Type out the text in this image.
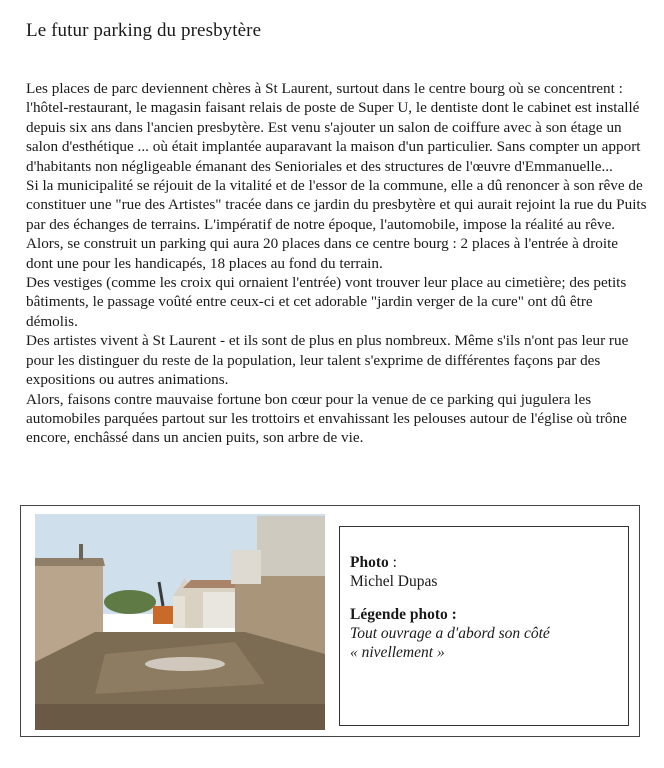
Le futur parking du presbytère

Les places de parc deviennent chères à St Laurent, surtout dans le centre bourg où se concentrent : l'hôtel-restaurant, le magasin faisant relais de poste de Super U, le dentiste dont le cabinet est installé depuis six ans dans l'ancien presbytère. Est venu s'ajouter un salon de coiffure avec à son étage un salon d'esthétique ... où était implantée auparavant la maison d'un particulier. Sans compter un apport d'habitants non négligeable émanant des Senioriales et des structures de l'œuvre d'Emmanuelle...

Si la municipalité se réjouit de la vitalité et de l'essor de la commune, elle a dû renoncer à son rêve de constituer une "rue des Artistes" tracée dans ce jardin du presbytère et qui aurait rejoint la rue du Puits par des échanges de terrains. L'impératif de notre époque, l'automobile, impose la réalité au rêve.

Alors, se construit un parking qui aura 20 places dans ce centre bourg : 2 places à l'entrée à droite dont une pour les handicapés, 18 places au fond du terrain.

Des vestiges (comme les croix qui ornaient l'entrée) vont trouver leur place au cimetière; des petits bâtiments, le passage voûté entre ceux-ci et cet adorable "jardin verger de la cure" ont dû être démolis.

Des artistes vivent à St Laurent - et ils sont de plus en plus nombreux. Même s'ils n'ont pas leur rue pour les distinguer du reste de la population, leur talent s'exprime de différentes façons par des expositions ou autres animations.

Alors, faisons contre mauvaise fortune bon cœur pour la venue de ce parking qui jugulera les automobiles parquées partout sur les trottoirs et envahissant les pelouses autour de l'église où trône encore, enchâssé dans un ancien puits, son arbre de vie.

Photo :

Michel Dupas

Légende photo :

Tout ouvrage a d'abord son côté

« nivellement »
